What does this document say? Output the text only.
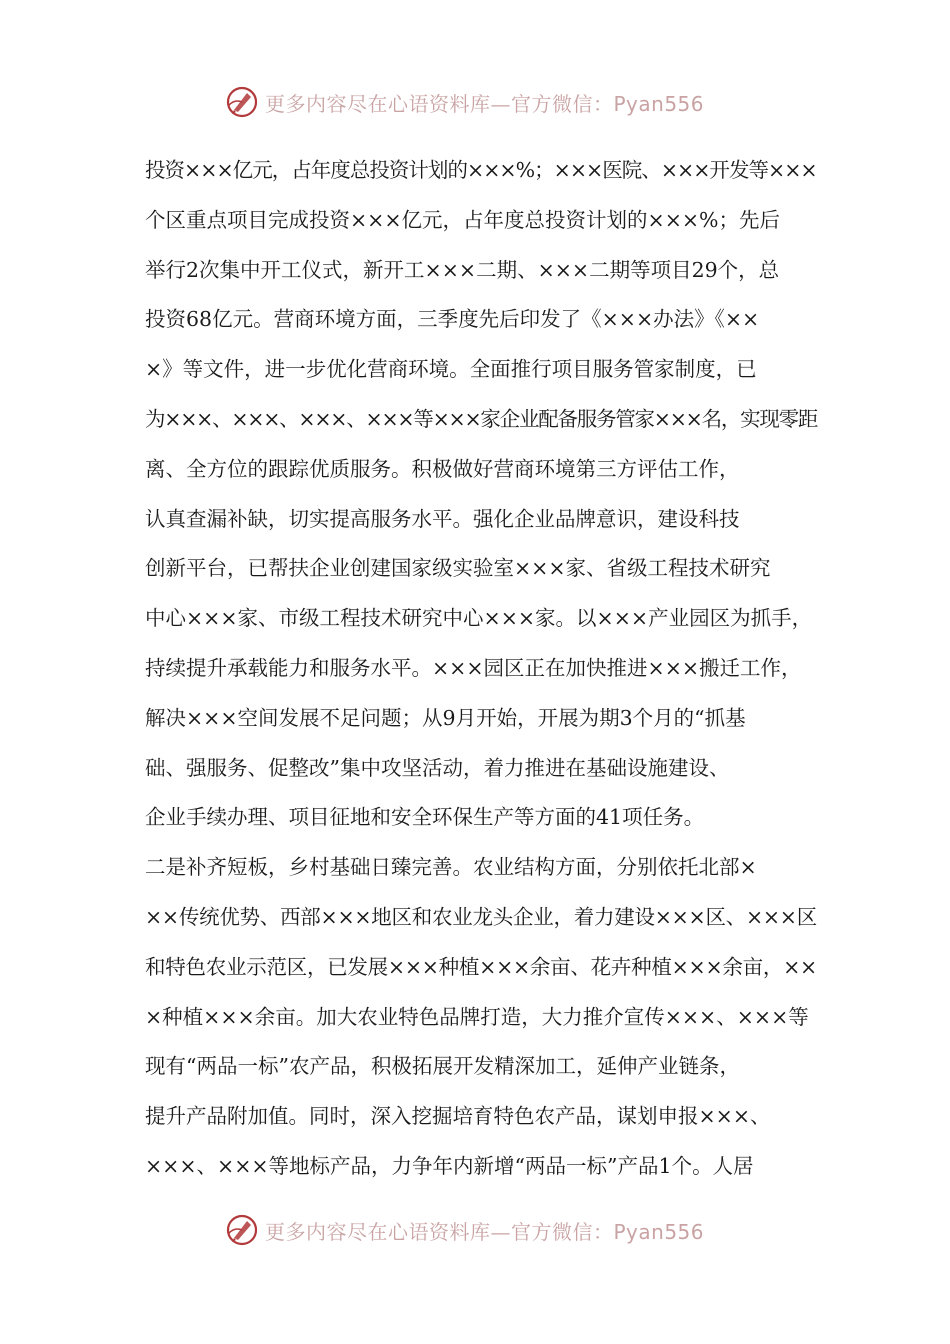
更多内容尽在心语资料库—官方微信：Pyan556
投资×××亿元，占年度总投资计划的×××%；×××医院、×××开发等×××
个区重点项目完成投资×××亿元，占年度总投资计划的×××%；先后
举行2次集中开工仪式，新开工×××二期、×××二期等项目29个，总
投资68亿元。营商环境方面，三季度先后印发了《×××办法》《××
×》等文件，进一步优化营商环境。全面推行项目服务管家制度，已
为×××、×××、×××、×××等×××家企业配备服务管家×××名，实现零距
离、全方位的跟踪优质服务。积极做好营商环境第三方评估工作，
认真查漏补缺，切实提高服务水平。强化企业品牌意识，建设科技
创新平台，已帮扶企业创建国家级实验室×××家、省级工程技术研究
中心×××家、市级工程技术研究中心×××家。以×××产业园区为抓手，
持续提升承载能力和服务水平。×××园区正在加快推进×××搬迁工作，
解决×××空间发展不足问题；从9月开始，开展为期3个月的“抓基
础、强服务、促整改”集中攻坚活动，着力推进在基础设施建设、
企业手续办理、项目征地和安全环保生产等方面的41项任务。
二是补齐短板，乡村基础日臻完善。农业结构方面，分别依托北部×
××传统优势、西部×××地区和农业龙头企业，着力建设×××区、×××区
和特色农业示范区，已发展×××种植×××余亩、花卉种植×××余亩，××
×种植×××余亩。加大农业特色品牌打造，大力推介宣传×××、×××等
现有“两品一标”农产品，积极拓展开发精深加工，延伸产业链条，
提升产品附加值。同时，深入挖掘培育特色农产品，谋划申报×××、
×××、×××等地标产品，力争年内新增“两品一标”产品1个。人居
更多内容尽在心语资料库—官方微信：Pyan556
